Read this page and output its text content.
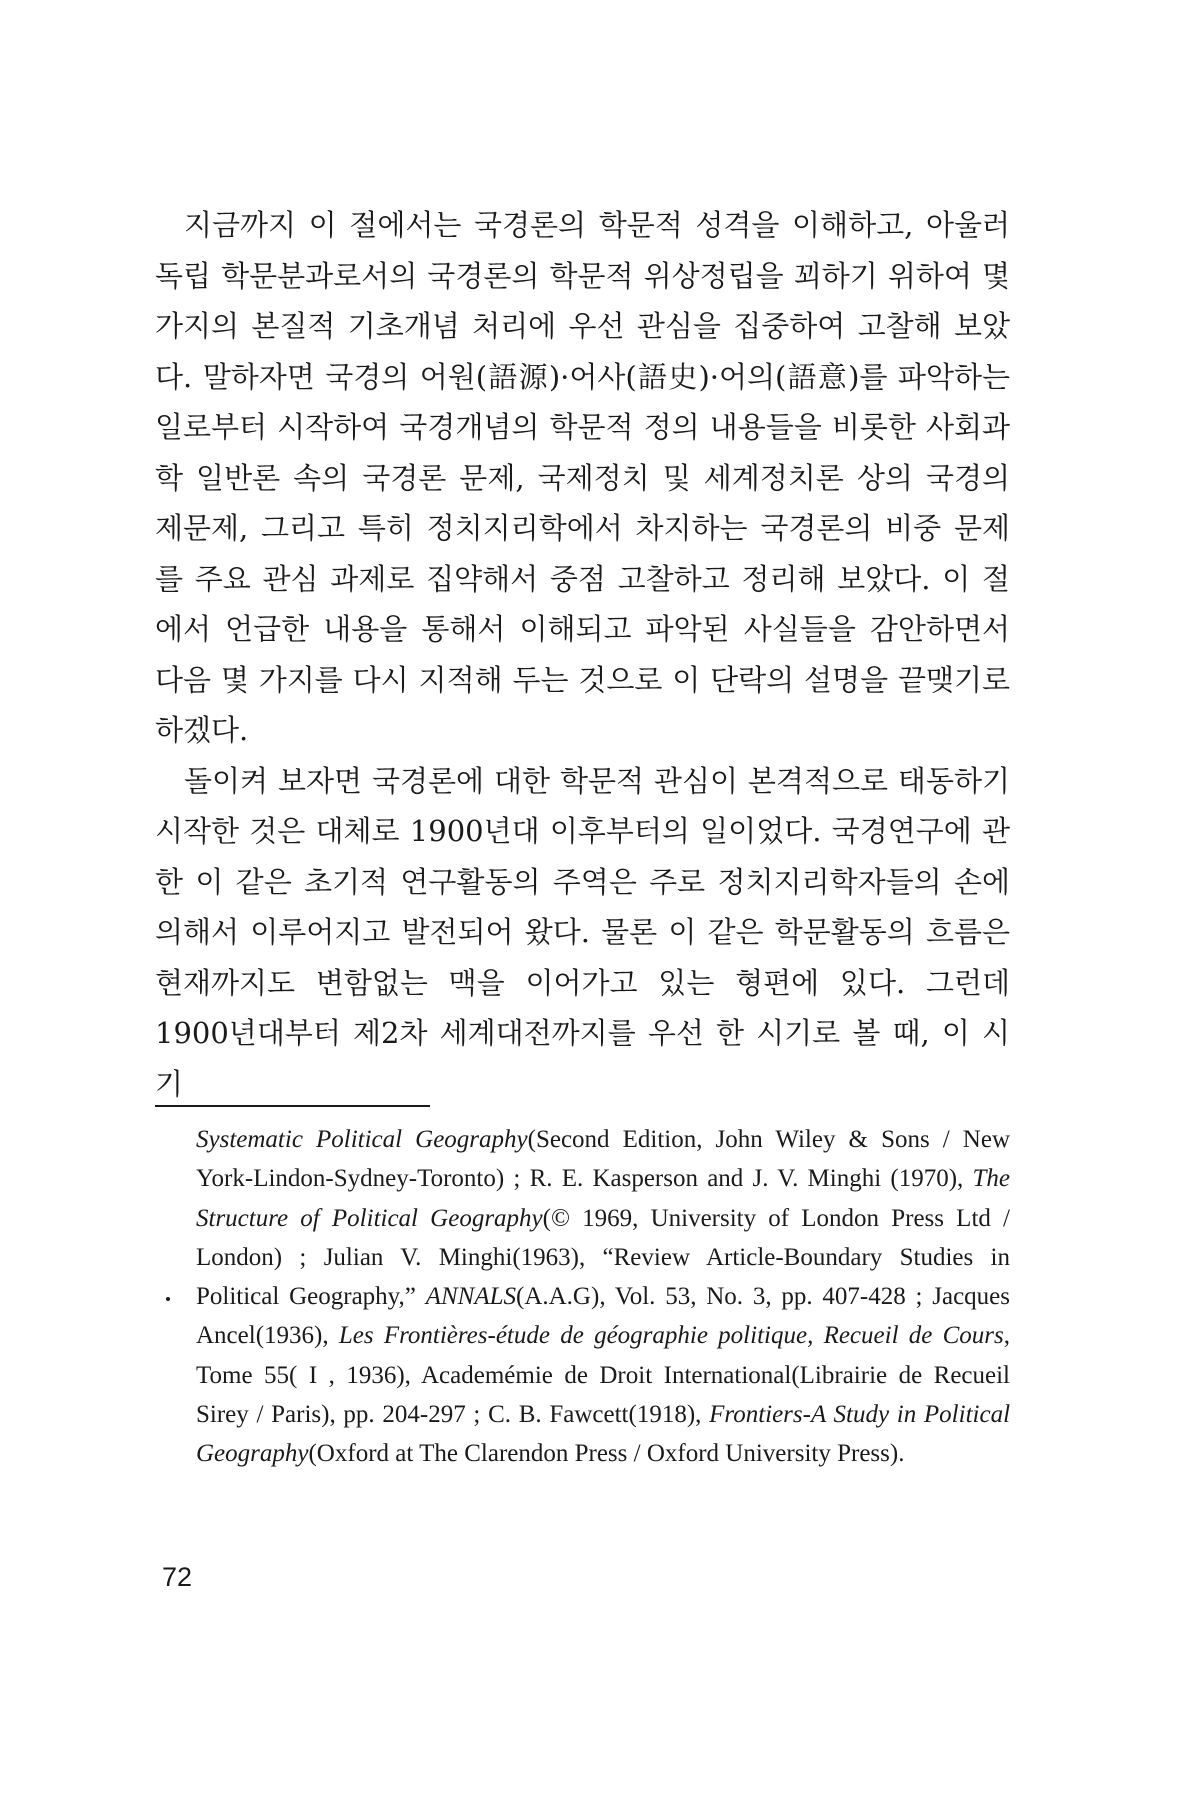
지금까지 이 절에서는 국경론의 학문적 성격을 이해하고, 아울러 독립 학문분과로서의 국경론의 학문적 위상정립을 꾀하기 위하여 몇 가지의 본질적 기초개념 처리에 우선 관심을 집중하여 고찰해 보았다. 말하자면 국경의 어원(語源)·어사(語史)·어의(語意)를 파악하는 일로부터 시작하여 국경개념의 학문적 정의 내용들을 비롯한 사회과학 일반론 속의 국경론 문제, 국제정치 및 세계정치론 상의 국경의 제문제, 그리고 특히 정치지리학에서 차지하는 국경론의 비중 문제를 주요 관심 과제로 집약해서 중점 고찰하고 정리해 보았다. 이 절에서 언급한 내용을 통해서 이해되고 파악된 사실들을 감안하면서 다음 몇 가지를 다시 지적해 두는 것으로 이 단락의 설명을 끝맺기로 하겠다.

돌이켜 보자면 국경론에 대한 학문적 관심이 본격적으로 태동하기 시작한 것은 대체로 1900년대 이후부터의 일이었다. 국경연구에 관한 이 같은 초기적 연구활동의 주역은 주로 정치지리학자들의 손에 의해서 이루어지고 발전되어 왔다. 물론 이 같은 학문활동의 흐름은 현재까지도 변함없는 맥을 이어가고 있는 형편에 있다. 그런데 1900년대부터 제2차 세계대전까지를 우선 한 시기로 볼 때, 이 시기

Systematic Political Geography(Second Edition, John Wiley & Sons / New York-Lindon-Sydney-Toronto) ; R. E. Kasperson and J. V. Minghi (1970), The Structure of Political Geography(© 1969, University of London Press Ltd / London) ; Julian V. Minghi(1963), “Review Article-Boundary Studies in Political Geography,” ANNALS(A.A.G), Vol. 53, No. 3, pp. 407-428 ; Jacques Ancel(1936), Les Frontières-étude de géographie politique, Recueil de Cours, Tome 55( I , 1936), Academémie de Droit International(Librairie de Recueil Sirey / Paris), pp. 204-297 ; C. B. Fawcett(1918), Frontiers-A Study in Political Geography(Oxford at The Clarendon Press / Oxford University Press).

72
